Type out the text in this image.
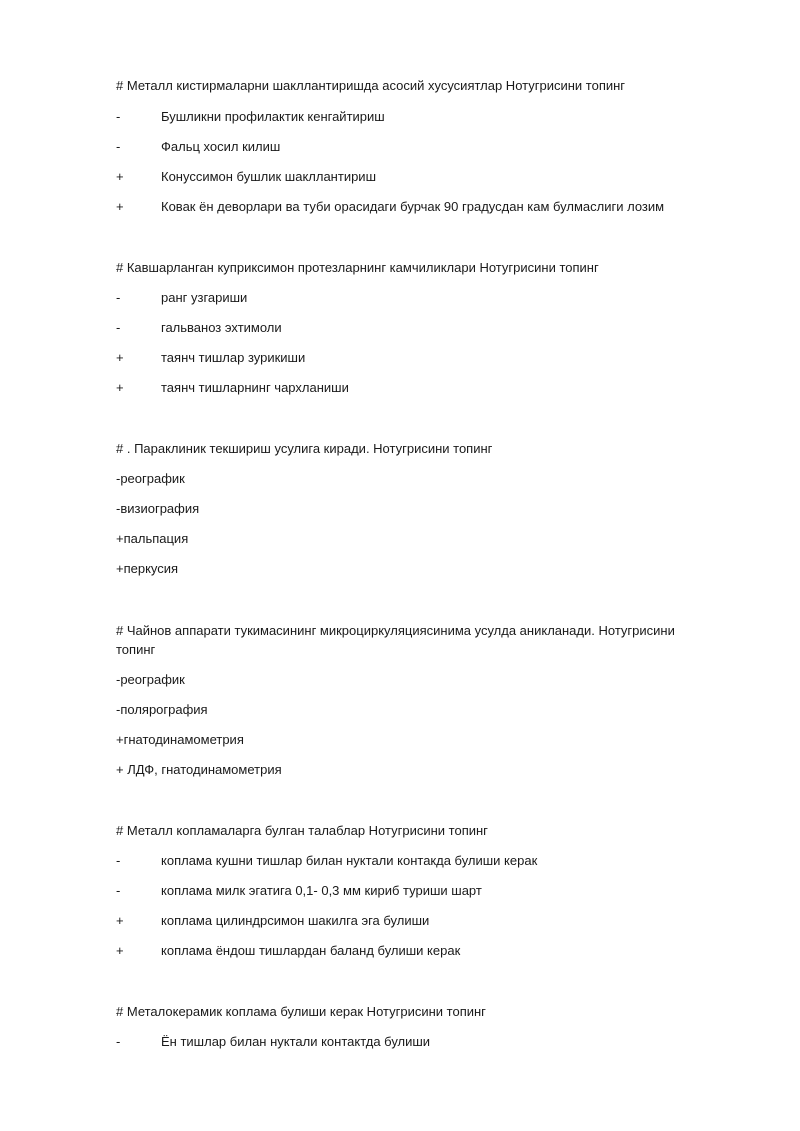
# Металл кистирмаларни шакллантиришда асосий хусусиятлар Нотугрисини топинг
-	Бушликни профилактик кенгайтириш
-	Фальц хосил килиш
+	Конуссимон бушлик шакллантириш
+	Ковак ён деворлари ва туби орасидаги бурчак 90 градусдан кам булмаслиги лозим
# Кавшарланган куприксимон протезларнинг камчиликлари Нотугрисини топинг
-	ранг узгариши
-	гальваноз эхтимоли
+	таянч тишлар зурикиши
+	таянч тишларнинг чархланиши
# . Параклиник текшириш усулига киради. Нотугрисини топинг
-реографик
-визиография
+пальпация
+перкусия
# Чайнов аппарати тукимасининг микроциркуляциясинима усулда аникланади. Нотугрисини топинг
-реографик
-полярография
+гнатодинамометрия
+ ЛДФ, гнатодинамометрия
# Металл копламаларга булган талаблар Нотугрисини топинг
-	коплама кушни тишлар билан нуктали контакда булиши керак
-	коплама милк эгатига 0,1- 0,3 мм кириб туриши шарт
+	коплама цилиндрсимон шакилга эга булиши
+	коплама ёндош тишлардан баланд булиши керак
# Металокерамик коплама булиши керак Нотугрисини топинг
-	Ён тишлар билан нуктали контактда булиши
